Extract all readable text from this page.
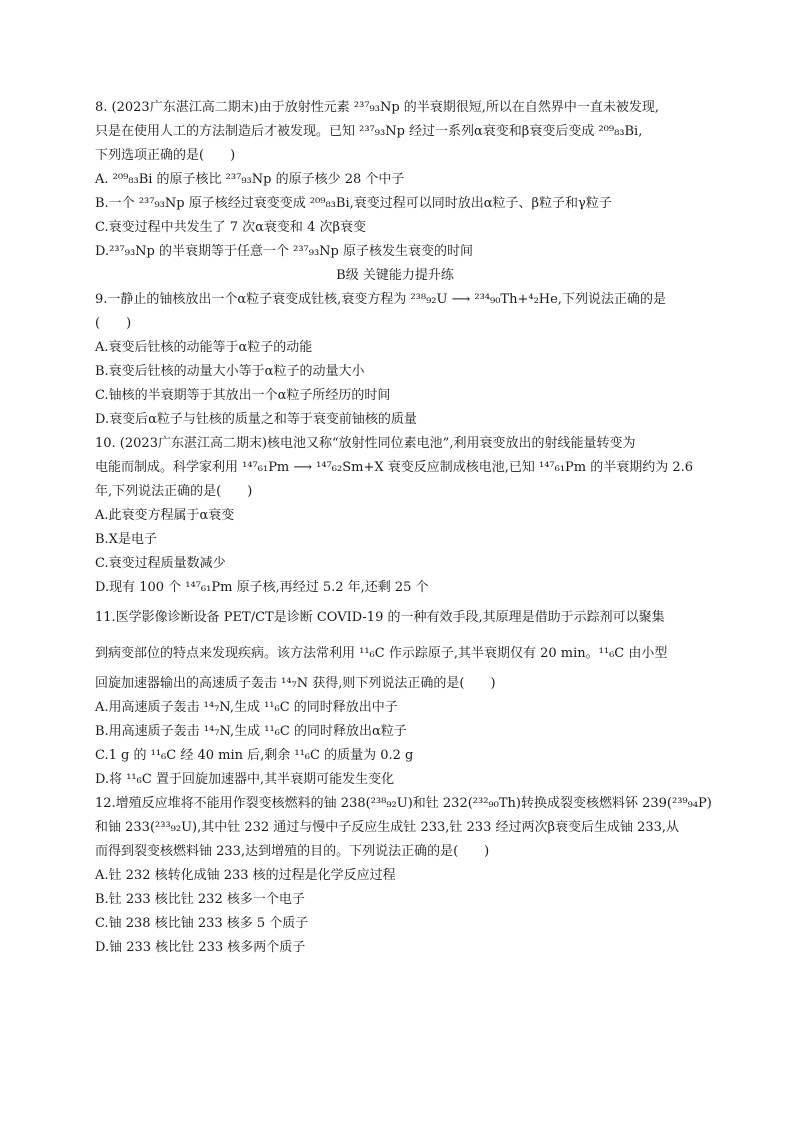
8. (2023广东湛江高二期末)由于放射性元素 ²³⁷₉₃Np 的半衰期很短,所以在自然界中一直未被发现,
只是在使用人工的方法制造后才被发现。已知 ²³⁷₉₃Np 经过一系列α衰变和β衰变后变成 ²⁰⁹₈₃Bi,
下列选项正确的是(　　)
A. ²⁰⁹₈₃Bi 的原子核比 ²³⁷₉₃Np 的原子核少 28 个中子
B.一个 ²³⁷₉₃Np 原子核经过衰变变成 ²⁰⁹₈₃Bi,衰变过程可以同时放出α粒子、β粒子和γ粒子
C.衰变过程中共发生了 7 次α衰变和 4 次β衰变
D.²³⁷₉₃Np 的半衰期等于任意一个 ²³⁷₉₃Np 原子核发生衰变的时间
B级 关键能力提升练
9.一静止的铀核放出一个α粒子衰变成钍核,衰变方程为 ²³⁸₉₂U ⟶ ²³⁴₉₀Th+⁴₂He,下列说法正确的是
(　　)
A.衰变后钍核的动能等于α粒子的动能
B.衰变后钍核的动量大小等于α粒子的动量大小
C.铀核的半衰期等于其放出一个α粒子所经历的时间
D.衰变后α粒子与钍核的质量之和等于衰变前铀核的质量
10. (2023广东湛江高二期末)核电池又称“放射性同位素电池”,利用衰变放出的射线能量转变为
电能而制成。科学家利用 ¹⁴⁷₆₁Pm ⟶ ¹⁴⁷₆₂Sm+X 衰变反应制成核电池,已知 ¹⁴⁷₆₁Pm 的半衰期约为 2.6
年,下列说法正确的是(　　)
A.此衰变方程属于α衰变
B.X是电子
C.衰变过程质量数减少
D.现有 100 个 ¹⁴⁷₆₁Pm 原子核,再经过 5.2 年,还剩 25 个
11.医学影像诊断设备 PET/CT是诊断 COVID-19 的一种有效手段,其原理是借助于示踪剂可以聚集
到病变部位的特点来发现疾病。该方法常利用 ¹¹₆C 作示踪原子,其半衰期仅有 20 min。¹¹₆C 由小型
回旋加速器输出的高速质子轰击 ¹⁴₇N 获得,则下列说法正确的是(　　)
A.用高速质子轰击 ¹⁴₇N,生成 ¹¹₆C 的同时释放出中子
B.用高速质子轰击 ¹⁴₇N,生成 ¹¹₆C 的同时释放出α粒子
C.1 g 的 ¹¹₆C 经 40 min 后,剩余 ¹¹₆C 的质量为 0.2 g
D.将 ¹¹₆C 置于回旋加速器中,其半衰期可能发生变化
12.增殖反应堆将不能用作裂变核燃料的铀 238(²³⁸₉₂U)和钍 232(²³²₉₀Th)转换成裂变核燃料钚 239(²³⁹₉₄P)
和铀 233(²³³₉₂U),其中钍 232 通过与慢中子反应生成钍 233,钍 233 经过两次β衰变后生成铀 233,从
而得到裂变核燃料铀 233,达到增殖的目的。下列说法正确的是(　　)
A.钍 232 核转化成铀 233 核的过程是化学反应过程
B.钍 233 核比钍 232 核多一个电子
C.铀 238 核比铀 233 核多 5 个质子
D.铀 233 核比钍 233 核多两个质子
